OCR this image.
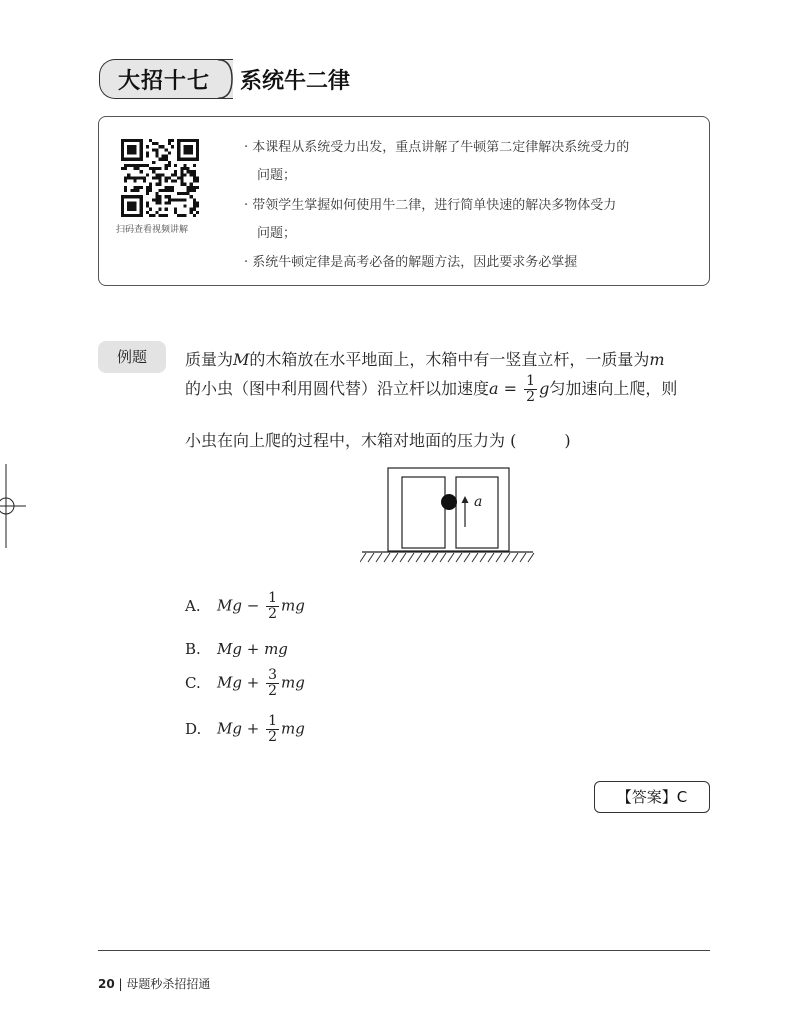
大招十七 系统牛二律
扫码查看视频讲解
· 本课程从系统受力出发，重点讲解了牛顿第二定律解决系统受力的
问题；
· 带领学生掌握如何使用牛二律，进行简单快速的解决多物体受力
问题；
· 系统牛顿定律是高考必备的解题方法，因此要求务必掌握
例题	质量为M的木箱放在水平地面上，木箱中有一竖直立杆，一质量为m
的小虫（图中利用圆代替）沿立杆以加速度$a = \frac{1}{2}$ g匀加速向上爬，则
小虫在向上爬的过程中，木箱对地面的压力为 (　　　)
a
A. $Mg - \frac{1}{2}$ mg
B. Mg + mg
C. $Mg + \frac{3}{2}$ mg
D. $Mg + \frac{1}{2}$ mg
【答案】C
20 | 母题秒杀招招通
